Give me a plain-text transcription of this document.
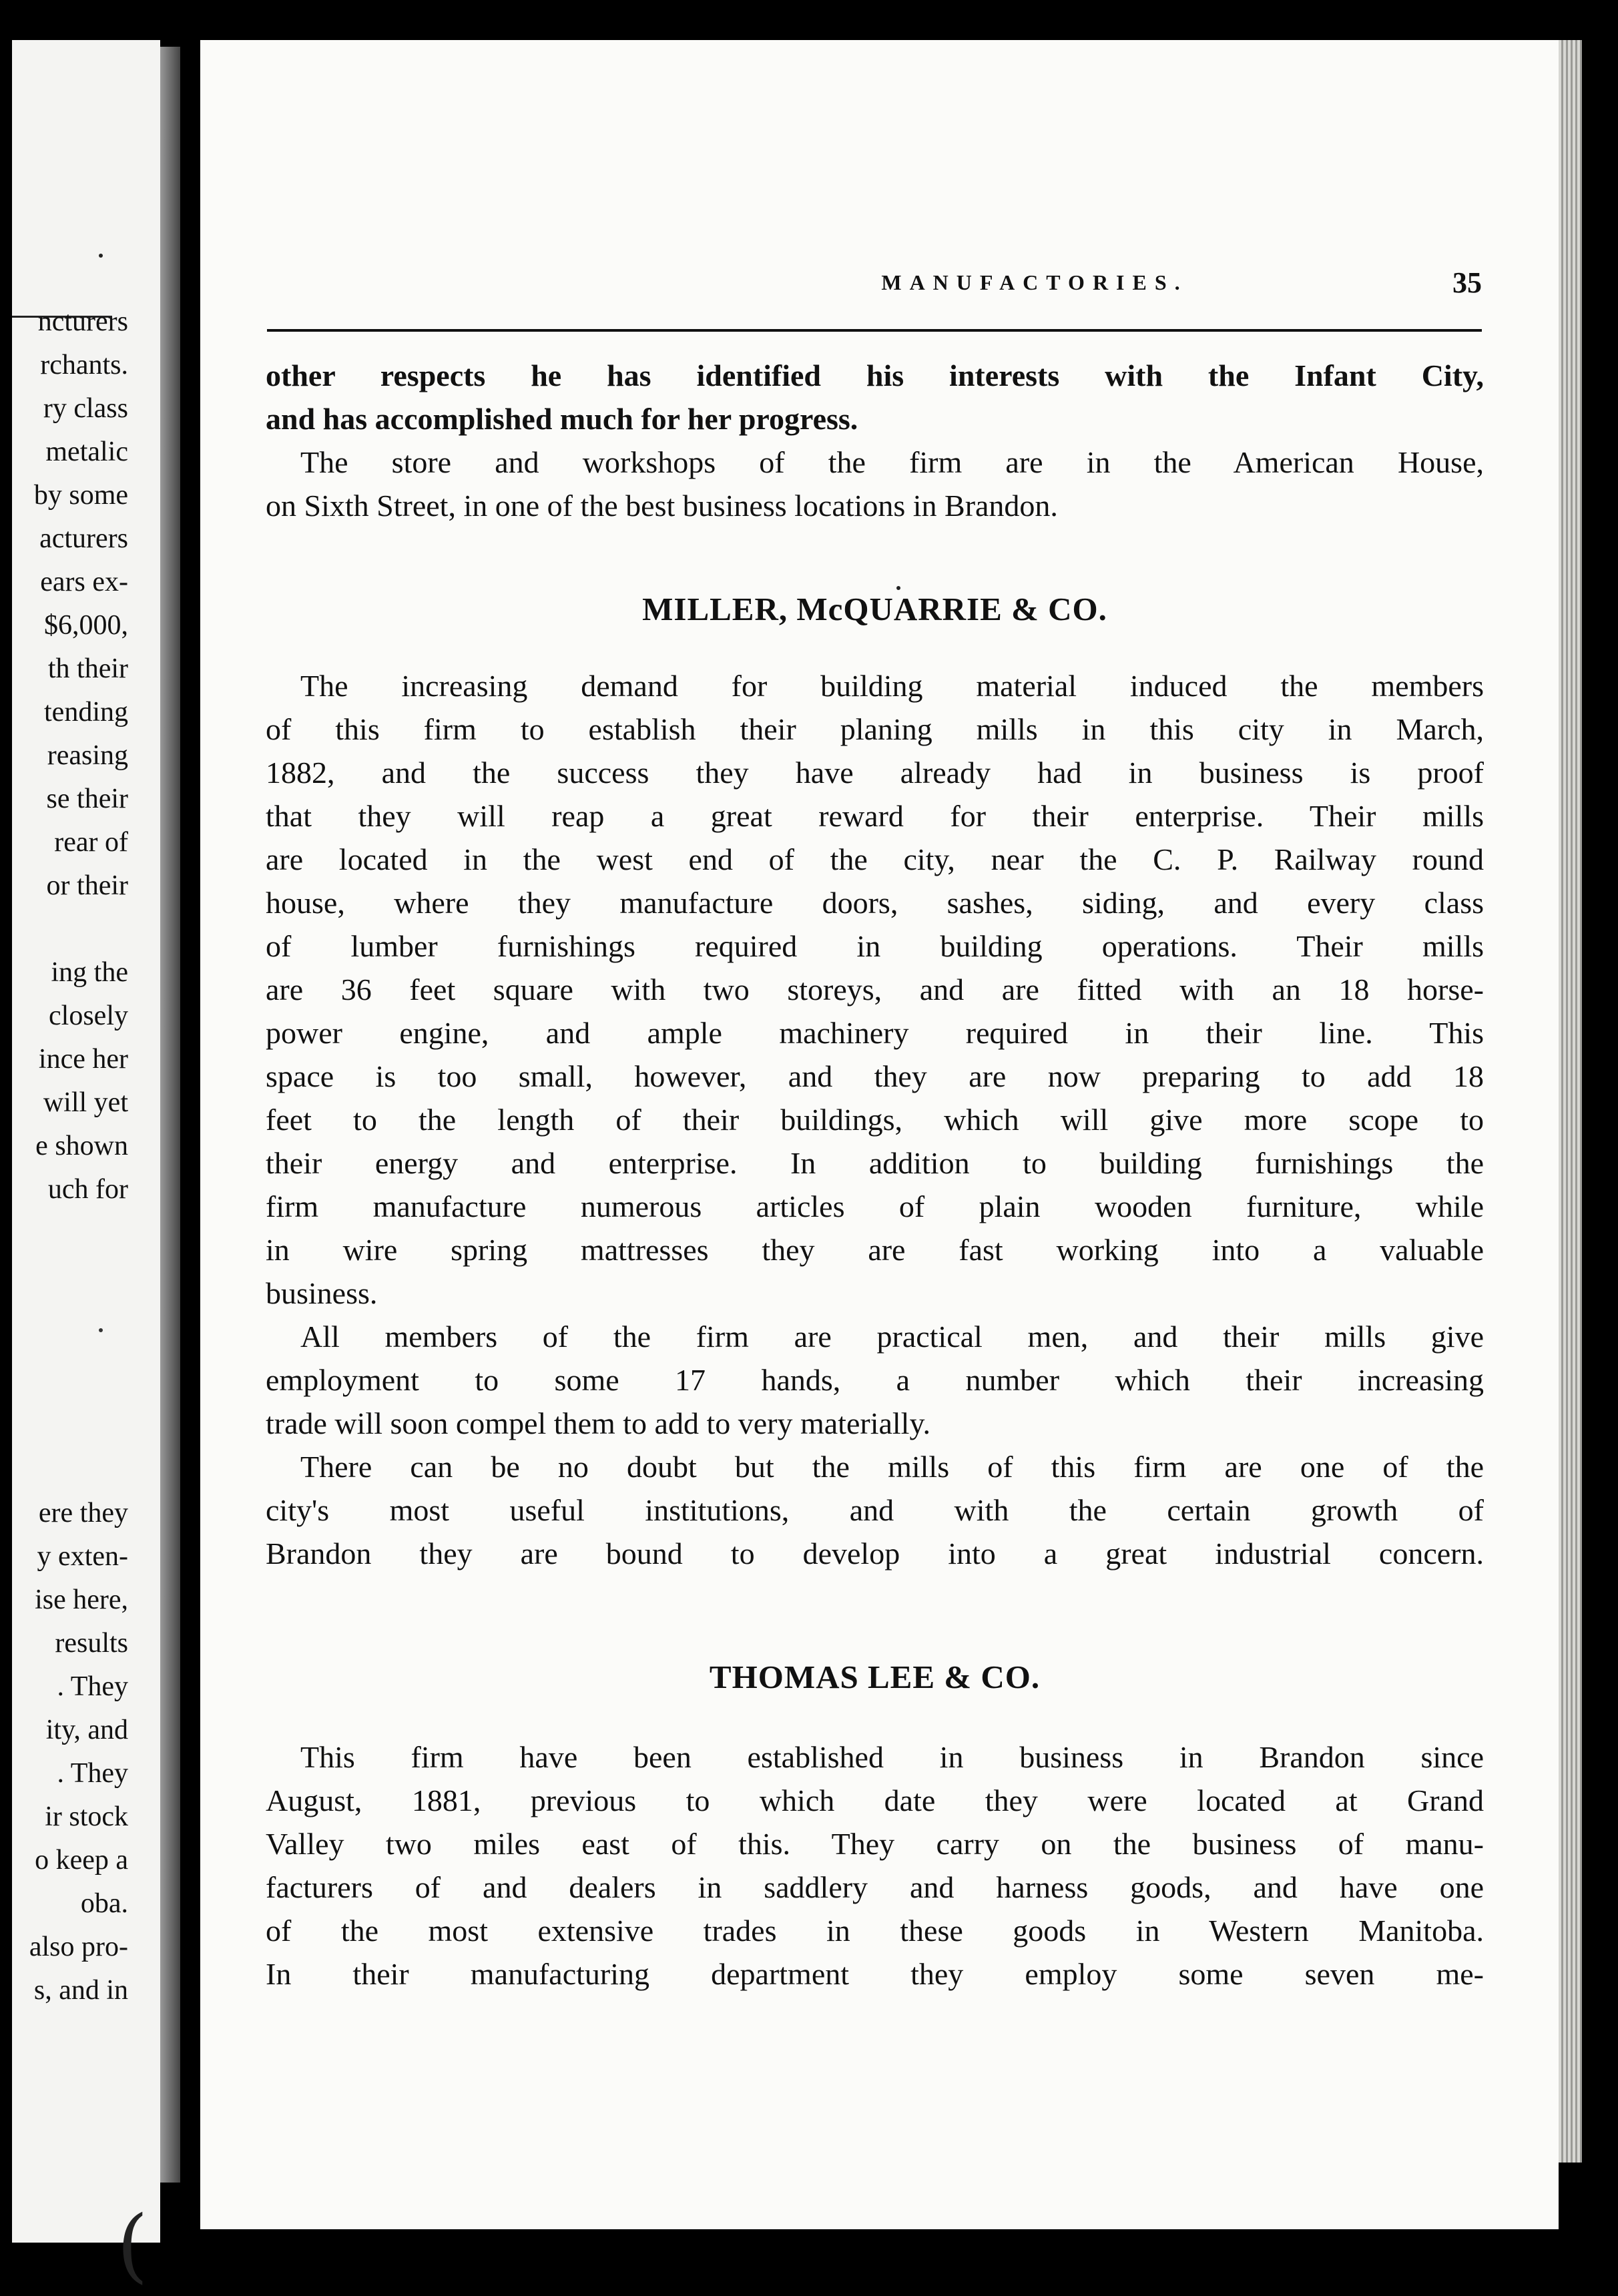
ncturers
rchants.
ry class
metalic
by some
acturers
ears ex-
$6,000,
th their
tending
reasing
se their
rear of
or their
ing the
closely
ince her
will yet
e shown
uch for
ere they
y exten-
ise here,
results
. They
ity, and
. They
ir stock
o keep a
oba.
also pro-
s, and in
MANUFACTORIES.	35

other respects he has identified his interests with the Infant City,

and has accomplished much for her progress.

The store and workshops of the firm are in the American House,

on Sixth Street, in one of the best business locations in Brandon.

MILLER, McQUARRIE & CO.

The increasing demand for building material induced the members

of this firm to establish their planing mills in this city in March,

1882, and the success they have already had in business is proof

that they will reap a great reward for their enterprise. Their mills

are located in the west end of the city, near the C. P. Railway round

house, where they manufacture doors, sashes, siding, and every class

of lumber furnishings required in building operations. Their mills

are 36 feet square with two storeys, and are fitted with an 18 horse-

power engine, and ample machinery required in their line. This

space is too small, however, and they are now preparing to add 18

feet to the length of their buildings, which will give more scope to

their energy and enterprise. In addition to building furnishings the

firm manufacture numerous articles of plain wooden furniture, while

in wire spring mattresses they are fast working into a valuable

business.

All members of the firm are practical men, and their mills give

employment to some 17 hands, a number which their increasing

trade will soon compel them to add to very materially.

There can be no doubt but the mills of this firm are one of the

city's most useful institutions, and with the certain growth of

Brandon they are bound to develop into a great industrial concern.

THOMAS LEE & CO.

This firm have been established in business in Brandon since

August, 1881, previous to which date they were located at Grand

Valley two miles east of this. They carry on the business of manu-

facturers of and dealers in saddlery and harness goods, and have one

of the most extensive trades in these goods in Western Manitoba.

In their manufacturing department they employ some seven me-

(
